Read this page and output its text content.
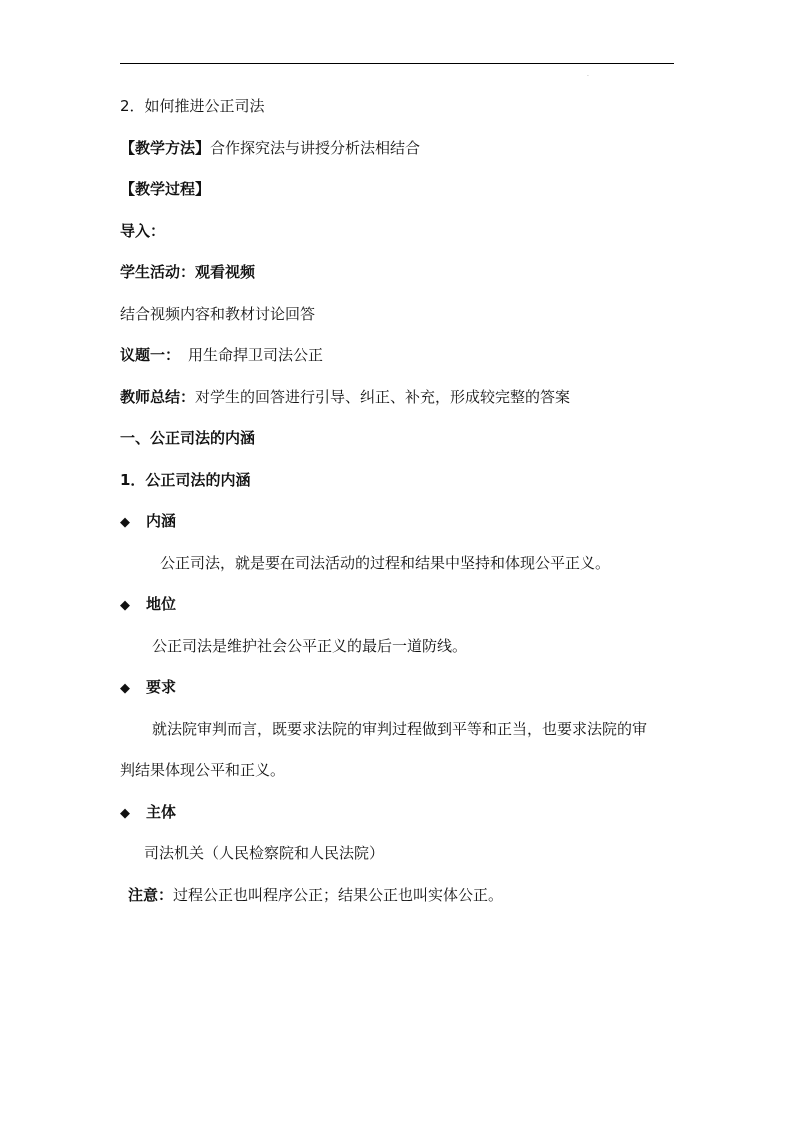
.
2．如何推进公正司法
【教学方法】合作探究法与讲授分析法相结合
【教学过程】
导入：
学生活动：观看视频
结合视频内容和教材讨论回答
议题一： 用生命捍卫司法公正
教师总结：对学生的回答进行引导、纠正、补充，形成较完整的答案
一、公正司法的内涵
1．公正司法的内涵
◆ 内涵
公正司法，就是要在司法活动的过程和结果中坚持和体现公平正义。
◆ 地位
公正司法是维护社会公平正义的最后一道防线。
◆ 要求
就法院审判而言，既要求法院的审判过程做到平等和正当，也要求法院的审
判结果体现公平和正义。
◆ 主体
司法机关（人民检察院和人民法院）
注意：过程公正也叫程序公正；结果公正也叫实体公正。
